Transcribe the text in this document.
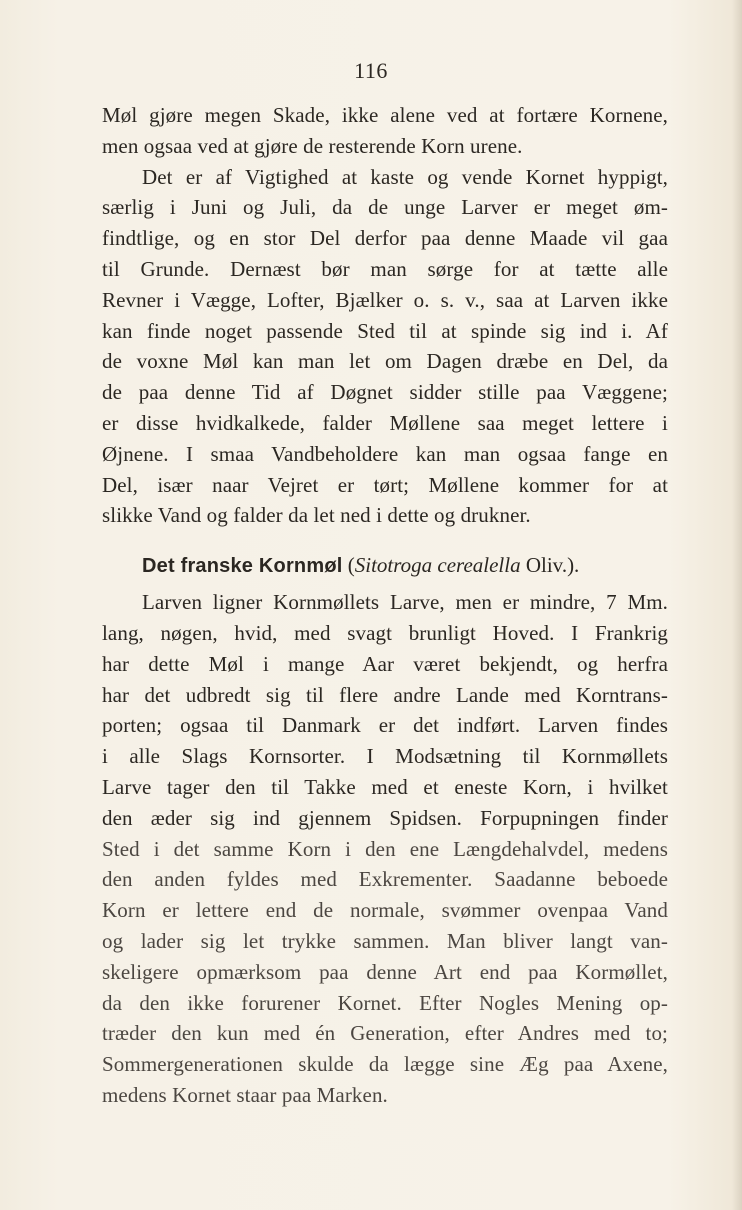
116
Møl gjøre megen Skade, ikke alene ved at fortære Kornene,
men ogsaa ved at gjøre de resterende Korn urene.
Det er af Vigtighed at kaste og vende Kornet hyppigt,
særlig i Juni og Juli, da de unge Larver er meget øm-
findtlige, og en stor Del derfor paa denne Maade vil gaa
til Grunde. Dernæst bør man sørge for at tætte alle
Revner i Vægge, Lofter, Bjælker o. s. v., saa at Larven ikke
kan finde noget passende Sted til at spinde sig ind i. Af
de voxne Møl kan man let om Dagen dræbe en Del, da
de paa denne Tid af Døgnet sidder stille paa Væggene;
er disse hvidkalkede, falder Møllene saa meget lettere i
Øjnene. I smaa Vandbeholdere kan man ogsaa fange en
Del, især naar Vejret er tørt; Møllene kommer for at
slikke Vand og falder da let ned i dette og drukner.
Det franske Kornmøl (Sitotroga cerealella Oliv.).
Larven ligner Kornmøllets Larve, men er mindre, 7 Mm.
lang, nøgen, hvid, med svagt brunligt Hoved. I Frankrig
har dette Møl i mange Aar været bekjendt, og herfra
har det udbredt sig til flere andre Lande med Korntrans-
porten; ogsaa til Danmark er det indført. Larven findes
i alle Slags Kornsorter. I Modsætning til Kornmøllets
Larve tager den til Takke med et eneste Korn, i hvilket
den æder sig ind gjennem Spidsen. Forpupningen finder
Sted i det samme Korn i den ene Længdehalvdel, medens
den anden fyldes med Exkrementer. Saadanne beboede
Korn er lettere end de normale, svømmer ovenpaa Vand
og lader sig let trykke sammen. Man bliver langt van-
skeligere opmærksom paa denne Art end paa Kormøllet,
da den ikke forurener Kornet. Efter Nogles Mening op-
træder den kun med én Generation, efter Andres med to;
Sommergenerationen skulde da lægge sine Æg paa Axene,
medens Kornet staar paa Marken.
